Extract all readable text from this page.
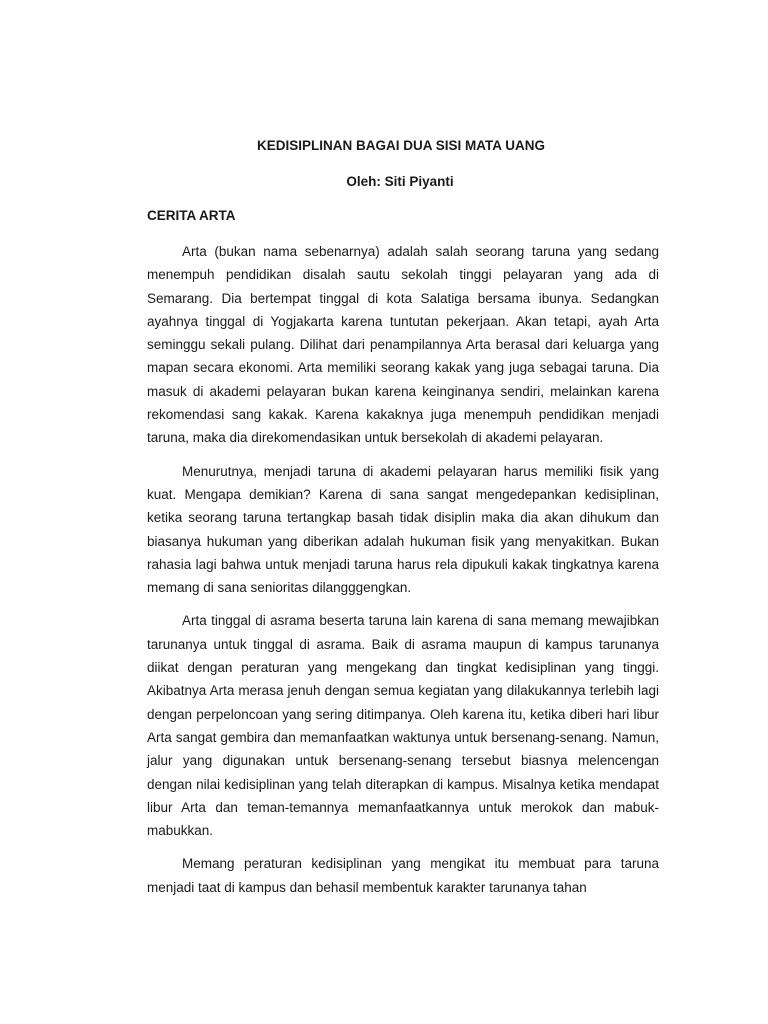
KEDISIPLINAN BAGAI DUA SISI MATA UANG

Oleh: Siti Piyanti

CERITA ARTA

Arta (bukan nama sebenarnya) adalah salah seorang taruna yang sedang menempuh pendidikan disalah sautu sekolah tinggi pelayaran yang ada di Semarang. Dia bertempat tinggal di kota Salatiga bersama ibunya. Sedangkan ayahnya tinggal di Yogjakarta karena tuntutan pekerjaan. Akan tetapi, ayah Arta seminggu sekali pulang. Dilihat dari penampilannya Arta berasal dari keluarga yang mapan secara ekonomi. Arta memiliki seorang kakak yang juga sebagai taruna. Dia masuk di akademi pelayaran bukan karena keinginanya sendiri, melainkan karena rekomendasi sang kakak. Karena kakaknya juga menempuh pendidikan menjadi taruna, maka dia direkomendasikan untuk bersekolah di akademi pelayaran.

Menurutnya, menjadi taruna di akademi pelayaran harus memiliki fisik yang kuat. Mengapa demikian? Karena di sana sangat mengedepankan kedisiplinan, ketika seorang taruna tertangkap basah tidak disiplin maka dia akan dihukum dan biasanya hukuman yang diberikan adalah hukuman fisik yang menyakitkan. Bukan rahasia lagi bahwa untuk menjadi taruna harus rela dipukuli kakak tingkatnya karena memang di sana senioritas dilangggengkan.

Arta tinggal di asrama beserta taruna lain karena di sana memang mewajibkan tarunanya untuk tinggal di asrama. Baik di asrama maupun di kampus tarunanya diikat dengan peraturan yang mengekang dan tingkat kedisiplinan yang tinggi. Akibatnya Arta merasa jenuh dengan semua kegiatan yang dilakukannya terlebih lagi dengan perpeloncoan yang sering ditimpanya. Oleh karena itu, ketika diberi hari libur Arta sangat gembira dan memanfaatkan waktunya untuk bersenang-senang. Namun, jalur yang digunakan untuk bersenang-senang tersebut biasnya melencengan dengan nilai kedisiplinan yang telah diterapkan di kampus. Misalnya ketika mendapat libur Arta dan teman-temannya memanfaatkannya untuk merokok dan mabuk-mabukkan.

Memang peraturan kedisiplinan yang mengikat itu membuat para taruna menjadi taat di kampus dan behasil membentuk karakter tarunanya tahan
